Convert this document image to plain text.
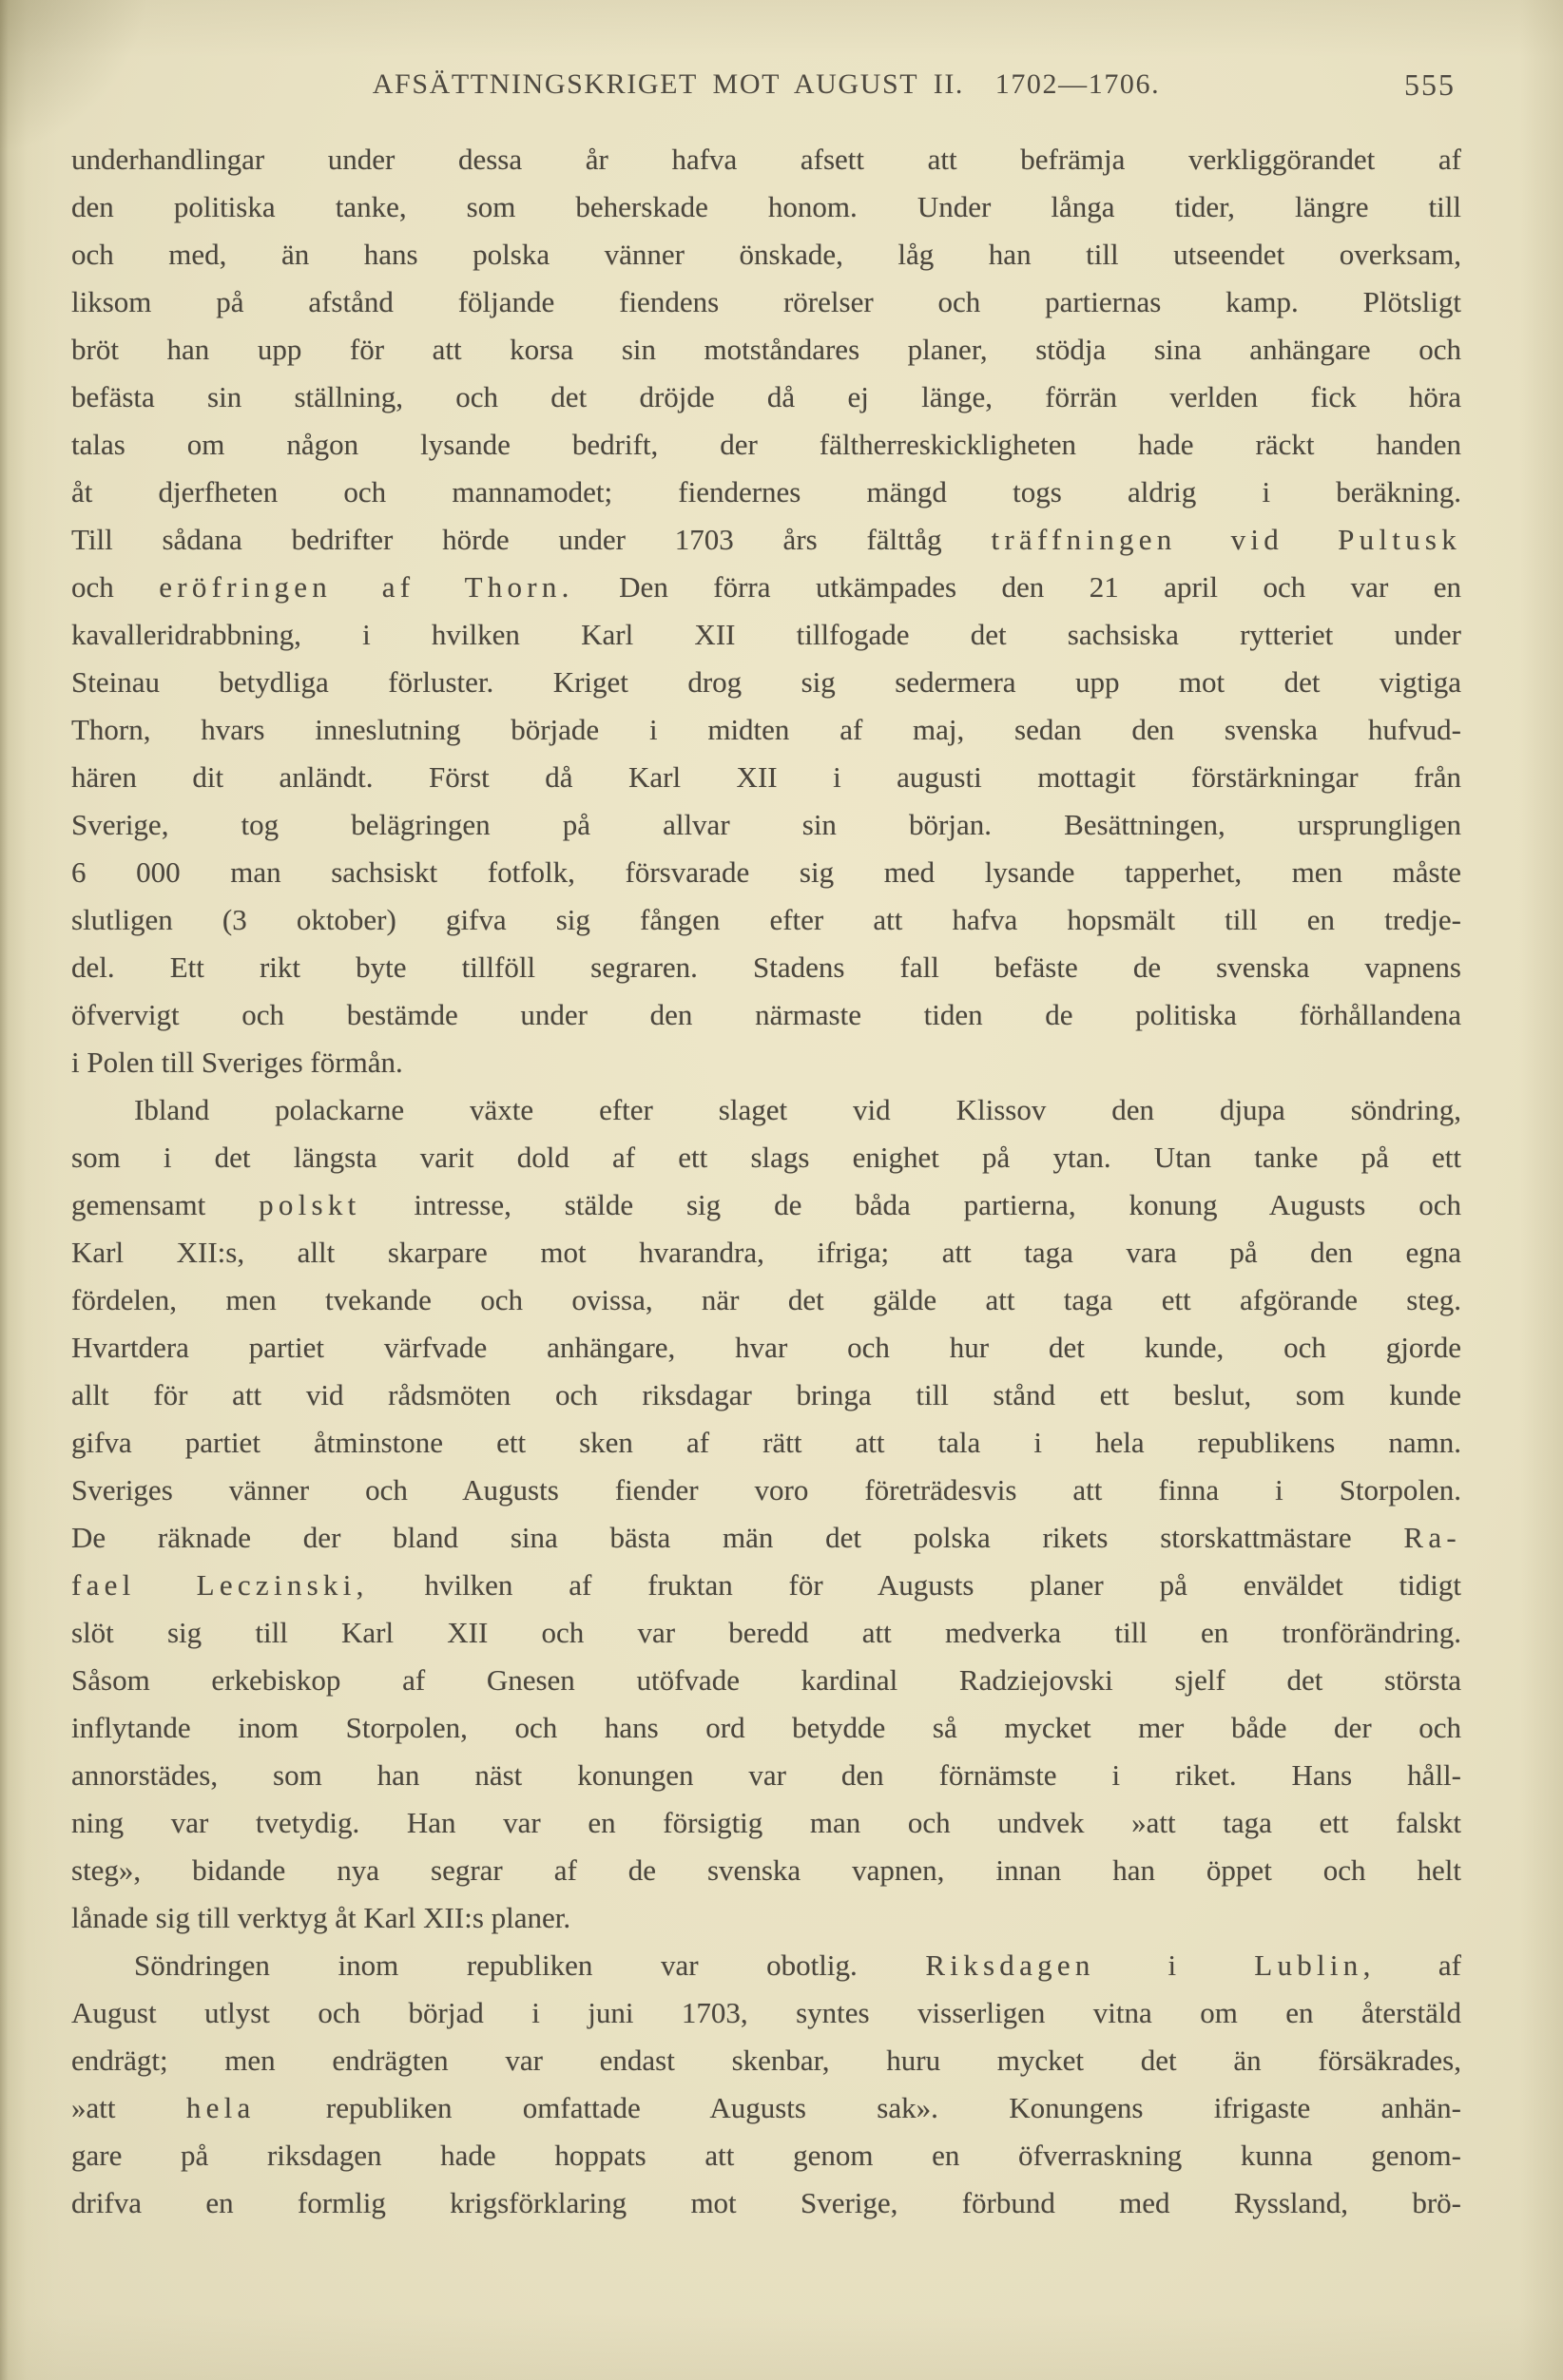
AFSÄTTNINGSKRIGET MOT AUGUST II.  1702—1706.	555
underhandlingar under dessa år hafva afsett att befrämja verkliggörandet af
den politiska tanke, som beherskade honom. Under långa tider, längre till
och med, än hans polska vänner önskade, låg han till utseendet overksam,
liksom på afstånd följande fiendens rörelser och partiernas kamp. Plötsligt
bröt han upp för att korsa sin motståndares planer, stödja sina anhängare och
befästa sin ställning, och det dröjde då ej länge, förrän verlden fick höra
talas om någon lysande bedrift, der fältherreskickligheten hade räckt handen
åt djerfheten och mannamodet; fiendernes mängd togs aldrig i beräkning.
Till sådana bedrifter hörde under 1703 års fälttåg träffningen vid Pultusk
och eröfringen af Thorn. Den förra utkämpades den 21 april och var en
kavalleridrabbning, i hvilken Karl XII tillfogade det sachsiska rytteriet under
Steinau betydliga förluster. Kriget drog sig sedermera upp mot det vigtiga
Thorn, hvars inneslutning började i midten af maj, sedan den svenska hufvud-
hären dit anländt. Först då Karl XII i augusti mottagit förstärkningar från
Sverige, tog belägringen på allvar sin början. Besättningen, ursprungligen
6 000 man sachsiskt fotfolk, försvarade sig med lysande tapperhet, men måste
slutligen (3 oktober) gifva sig fången efter att hafva hopsmält till en tredje-
del. Ett rikt byte tillföll segraren. Stadens fall befäste de svenska vapnens
öfvervigt och bestämde under den närmaste tiden de politiska förhållandena
i Polen till Sveriges förmån.
Ibland polackarne växte efter slaget vid Klissov den djupa söndring,
som i det längsta varit dold af ett slags enighet på ytan. Utan tanke på ett
gemensamt polskt intresse, stälde sig de båda partierna, konung Augusts och
Karl XII:s, allt skarpare mot hvarandra, ifriga; att taga vara på den egna
fördelen, men tvekande och ovissa, när det gälde att taga ett afgörande steg.
Hvartdera partiet värfvade anhängare, hvar och hur det kunde, och gjorde
allt för att vid rådsmöten och riksdagar bringa till stånd ett beslut, som kunde
gifva partiet åtminstone ett sken af rätt att tala i hela republikens namn.
Sveriges vänner och Augusts fiender voro företrädesvis att finna i Storpolen.
De räknade der bland sina bästa män det polska rikets storskattmästare Ra-
fael Leczinski, hvilken af fruktan för Augusts planer på enväldet tidigt
slöt sig till Karl XII och var beredd att medverka till en tronförändring.
Såsom erkebiskop af Gnesen utöfvade kardinal Radziejovski sjelf det största
inflytande inom Storpolen, och hans ord betydde så mycket mer både der och
annorstädes, som han näst konungen var den förnämste i riket. Hans håll-
ning var tvetydig. Han var en försigtig man och undvek »att taga ett falskt
steg», bidande nya segrar af de svenska vapnen, innan han öppet och helt
lånade sig till verktyg åt Karl XII:s planer.
Söndringen inom republiken var obotlig. Riksdagen i Lublin, af
August utlyst och börjad i juni 1703, syntes visserligen vitna om en återstäld
endrägt; men endrägten var endast skenbar, huru mycket det än försäkrades,
»att hela republiken omfattade Augusts sak». Konungens ifrigaste anhän-
gare på riksdagen hade hoppats att genom en öfverraskning kunna genom-
drifva en formlig krigsförklaring mot Sverige, förbund med Ryssland, brö-
